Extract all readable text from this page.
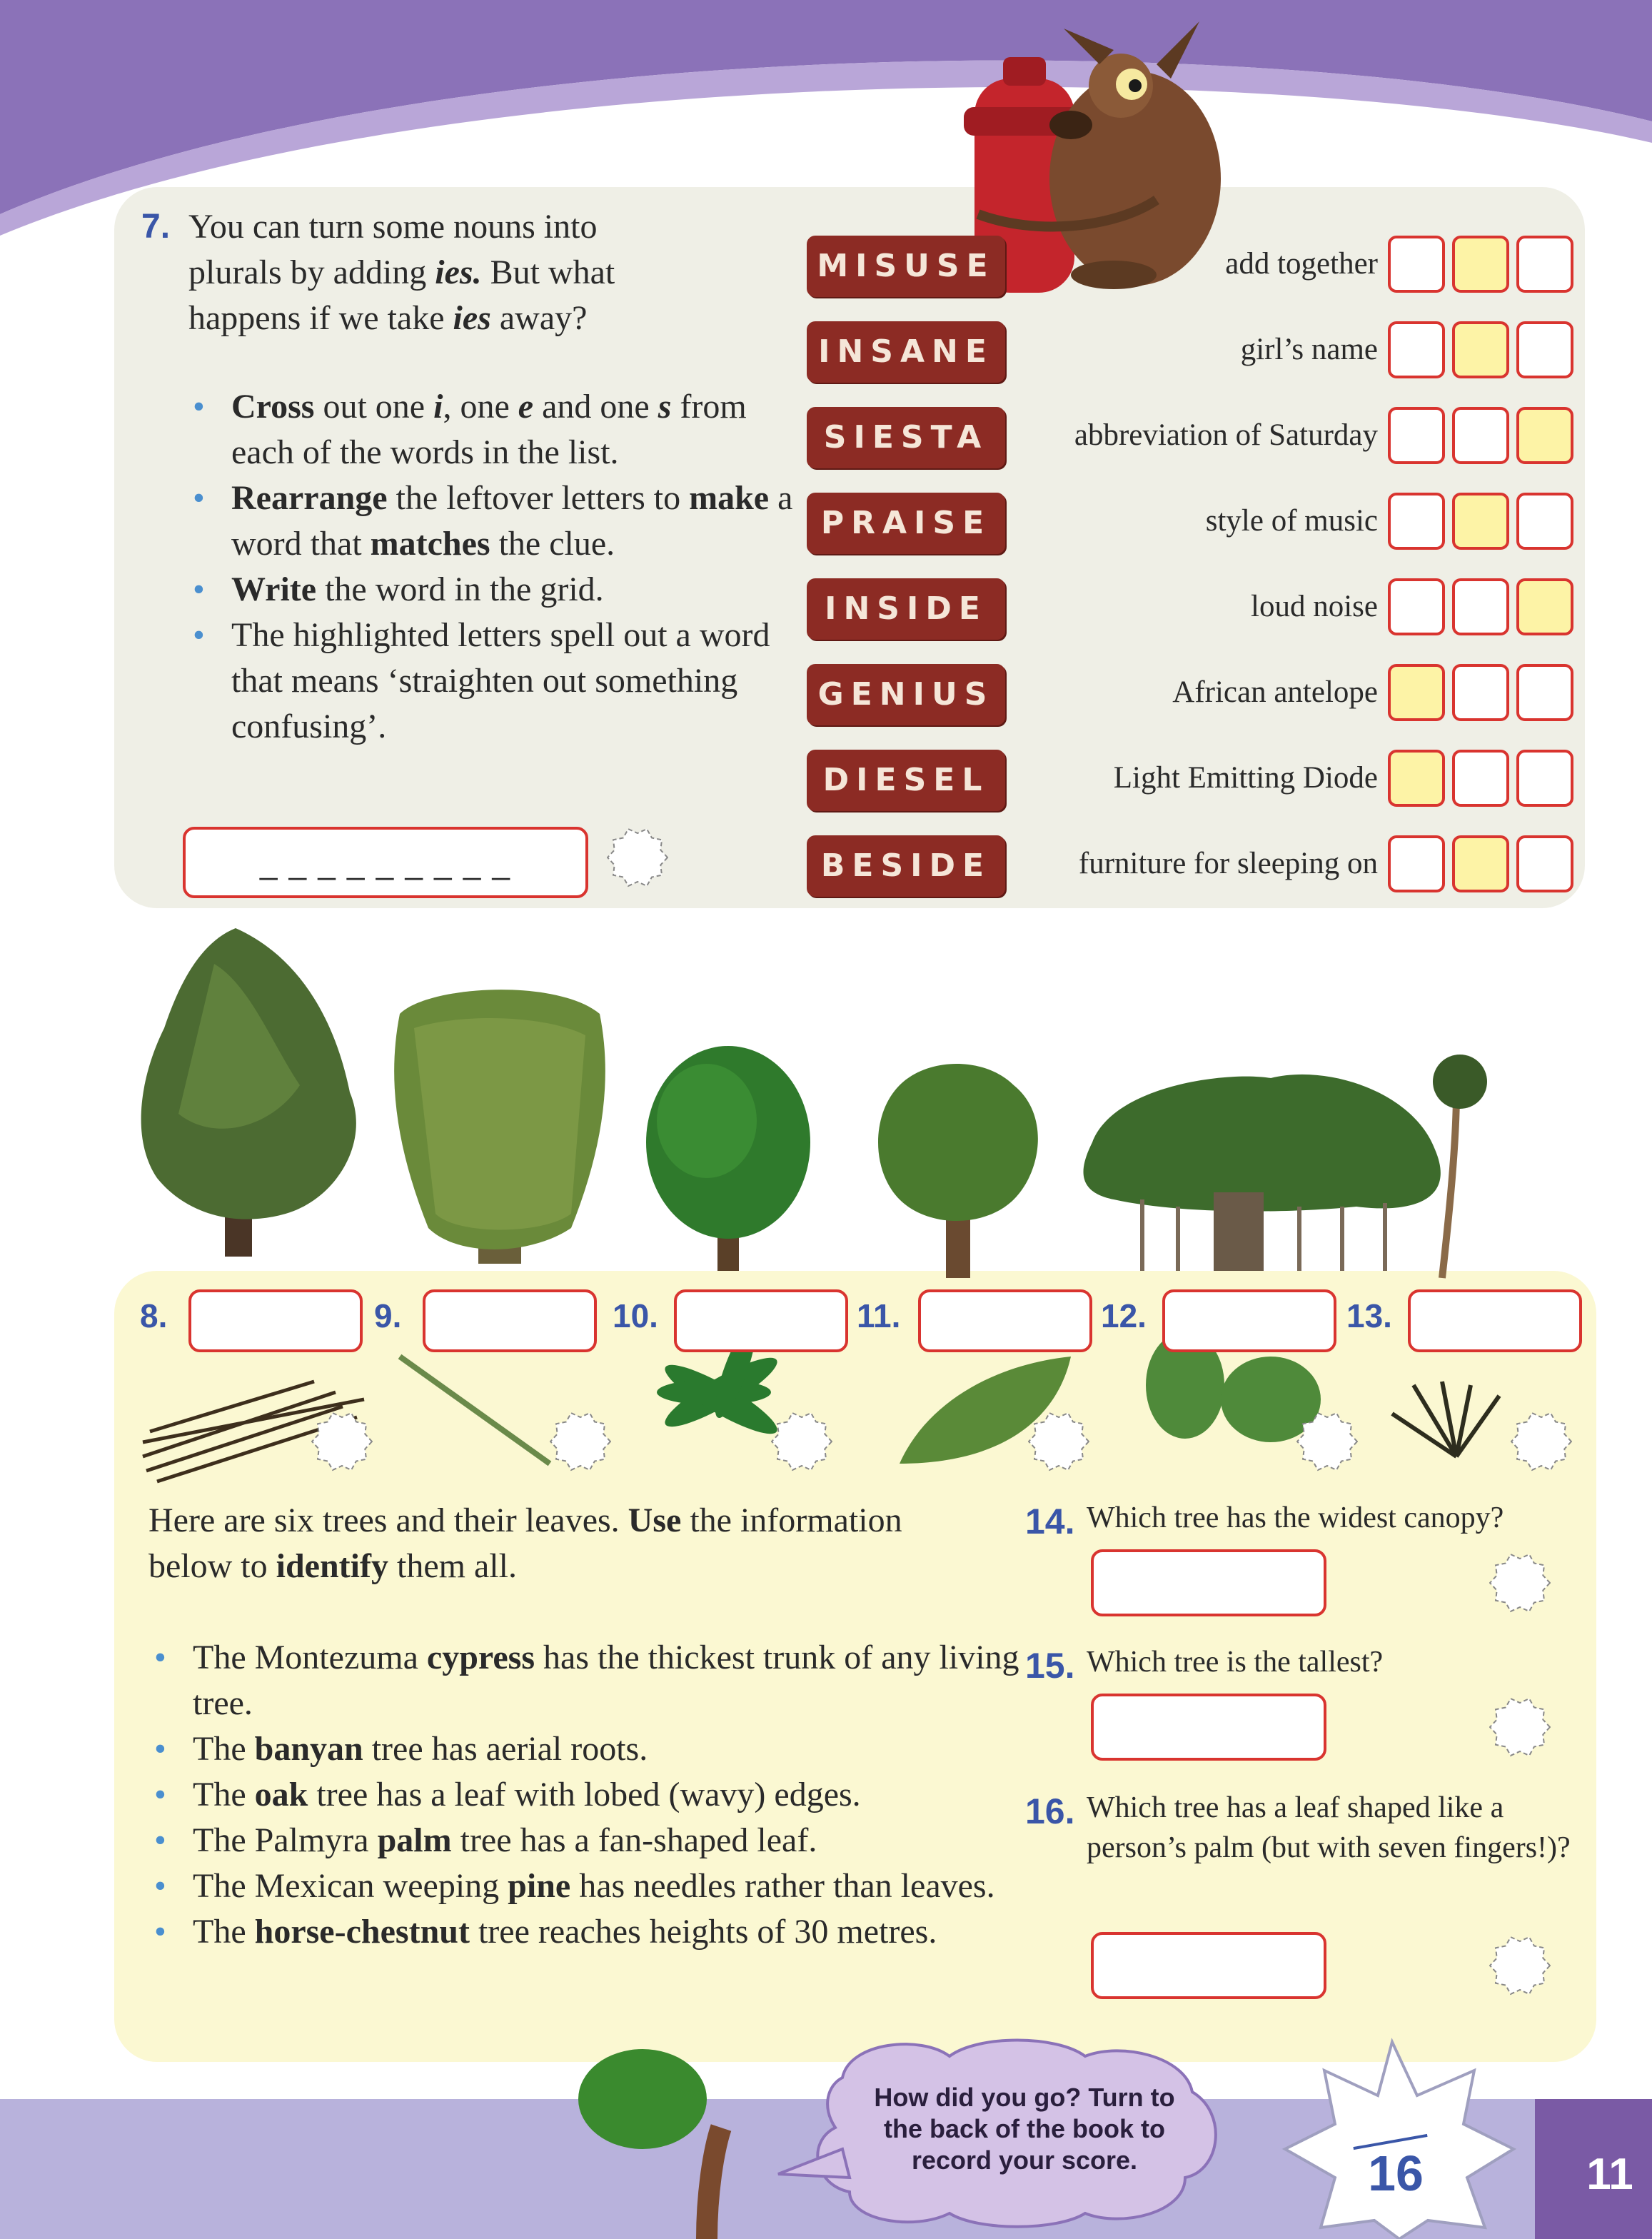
7. You can turn some nouns into
plurals by adding ies. But what
happens if we take ies away?
• Cross out one i, one e and one s from each of the words in the list.
• Rearrange the leftover letters to make a word that matches the clue.
• Write the word in the grid.
• The highlighted letters spell out a word that means ‘straighten out something confusing’.
_ _ _ _ _ _ _ _ _
MISUSE	add together
INSANE	girl’s name
SIESTA	abbreviation of Saturday
PRAISE	style of music
INSIDE	loud noise
GENIUS	African antelope
DIESEL	Light Emitting Diode
BESIDE	furniture for sleeping on
8.	9.	10.	11.	12.	13.
Here are six trees and their leaves. Use the information below to identify them all.
• The Montezuma cypress has the thickest trunk of any living tree.
• The banyan tree has aerial roots.
• The oak tree has a leaf with lobed (wavy) edges.
• The Palmyra palm tree has a fan-shaped leaf.
• The Mexican weeping pine has needles rather than leaves.
• The horse-chestnut tree reaches heights of 30 metres.
14. Which tree has the widest canopy?
15. Which tree is the tallest?
16. Which tree has a leaf shaped like a person’s palm (but with seven fingers!)?
How did you go? Turn to the back of the book to record your score.	16	11
